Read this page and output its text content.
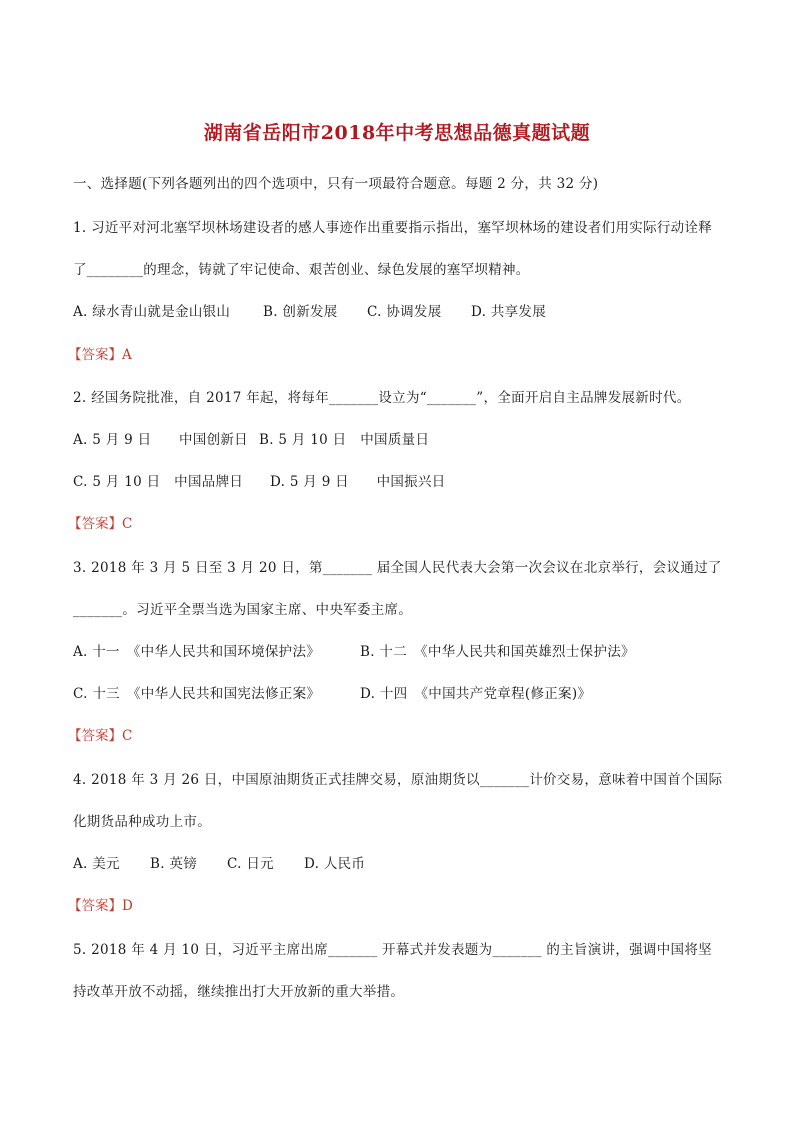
湖南省岳阳市2018年中考思想品德真题试题
一、选择题(下列各题列出的四个选项中，只有一项最符合题意。每题 2 分，共 32 分)
1. 习近平对河北塞罕坝林场建设者的感人事迹作出重要指示指出，塞罕坝林场的建设者们用实际行动诠释
了________的理念，铸就了牢记使命、艰苦创业、绿色发展的塞罕坝精神。
A. 绿水青山就是金山银山 B. 创新发展 C. 协调发展 D. 共享发展
【答案】A
2. 经国务院批准，自 2017 年起，将每年_______设立为“_______”，全面开启自主品牌发展新时代。
A. 5 月 9 日　　中国创新日 B. 5 月 10 日　中国质量日
C. 5 月 10 日　中国品牌日 D. 5 月 9 日　　中国振兴日
【答案】C
3. 2018 年 3 月 5 日至 3 月 20 日，第_______ 届全国人民代表大会第一次会议在北京举行，会议通过了
_______。习近平全票当选为国家主席、中央军委主席。
A. 十一　《中华人民共和国环境保护法》	B. 十二　《中华人民共和国英雄烈士保护法》
C. 十三　《中华人民共和国宪法修正案》	D. 十四　《中国共产党章程(修正案)》
【答案】C
4. 2018 年 3 月 26 日，中国原油期货正式挂牌交易，原油期货以_______计价交易，意味着中国首个国际
化期货品种成功上市。
A. 美元 B. 英镑 C. 日元 D. 人民币
【答案】D
5. 2018 年 4 月 10 日，习近平主席出席_______ 开幕式并发表题为_______ 的主旨演讲，强调中国将坚
持改革开放不动摇，继续推出打大开放新的重大举措。
